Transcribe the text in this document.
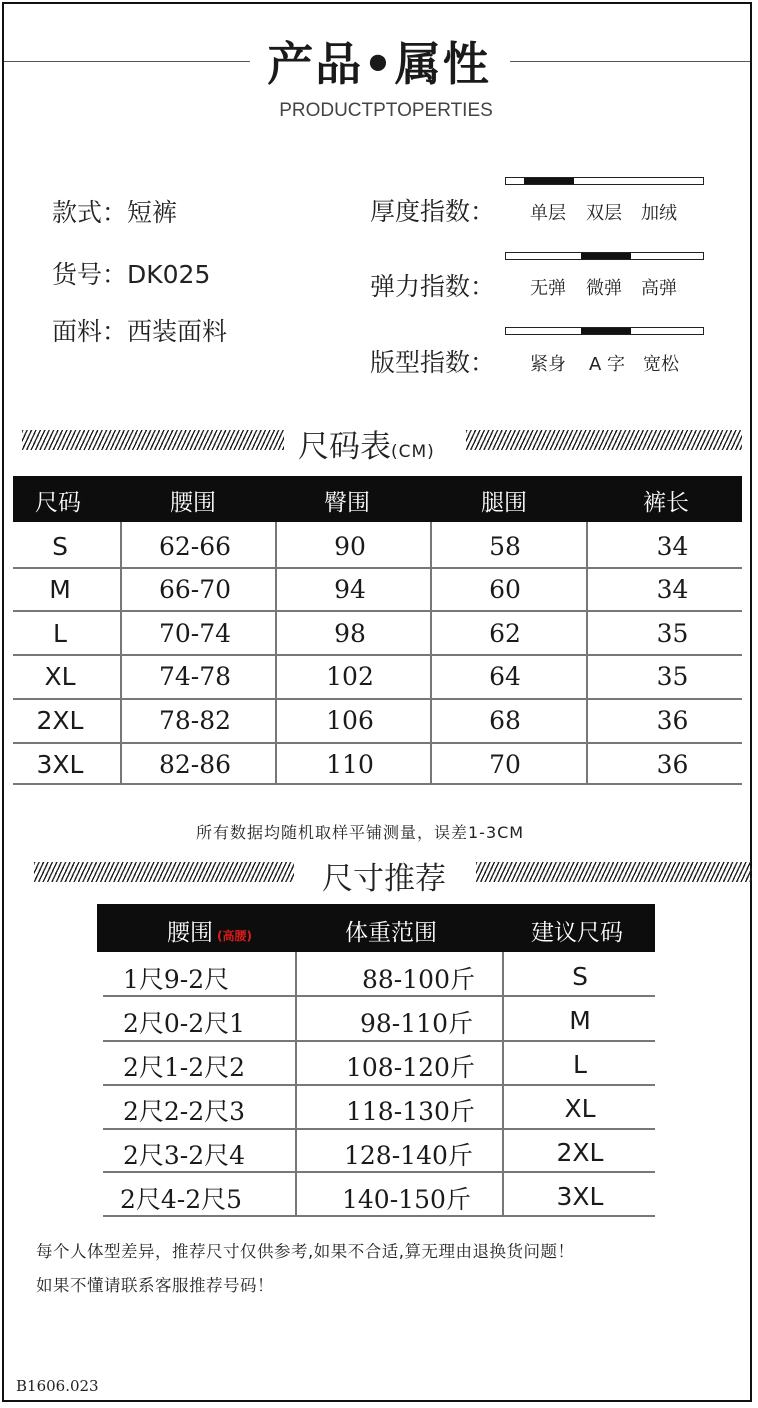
产品•属性
PRODUCTPTOPERTIES
款式：短裤
货号：DK025
面料：西装面料
厚度指数： 单层 双层 加绒
弹力指数： 无弹 微弹 高弹
版型指数： 紧身 A 字 宽松
尺码表(CM)
尺码	腰围	臀围	腿围	裤长
S	62-66	90	58	34
M	66-70	94	60	34
L	70-74	98	62	35
XL	74-78	102	64	35
2XL	78-82	106	68	36
3XL	82-86	110	70	36
所有数据均随机取样平铺测量，误差1-3CM
尺寸推荐
腰围 (高腰)	体重范围	建议尺码
1尺9-2尺	88-100斤	S
2尺0-2尺1	98-110斤	M
2尺1-2尺2	108-120斤	L
2尺2-2尺3	118-130斤	XL
2尺3-2尺4	128-140斤	2XL
2尺4-2尺5	140-150斤	3XL
每个人体型差异，推荐尺寸仅供参考,如果不合适,算无理由退换货问题！
如果不懂请联系客服推荐号码！
B1606.023
